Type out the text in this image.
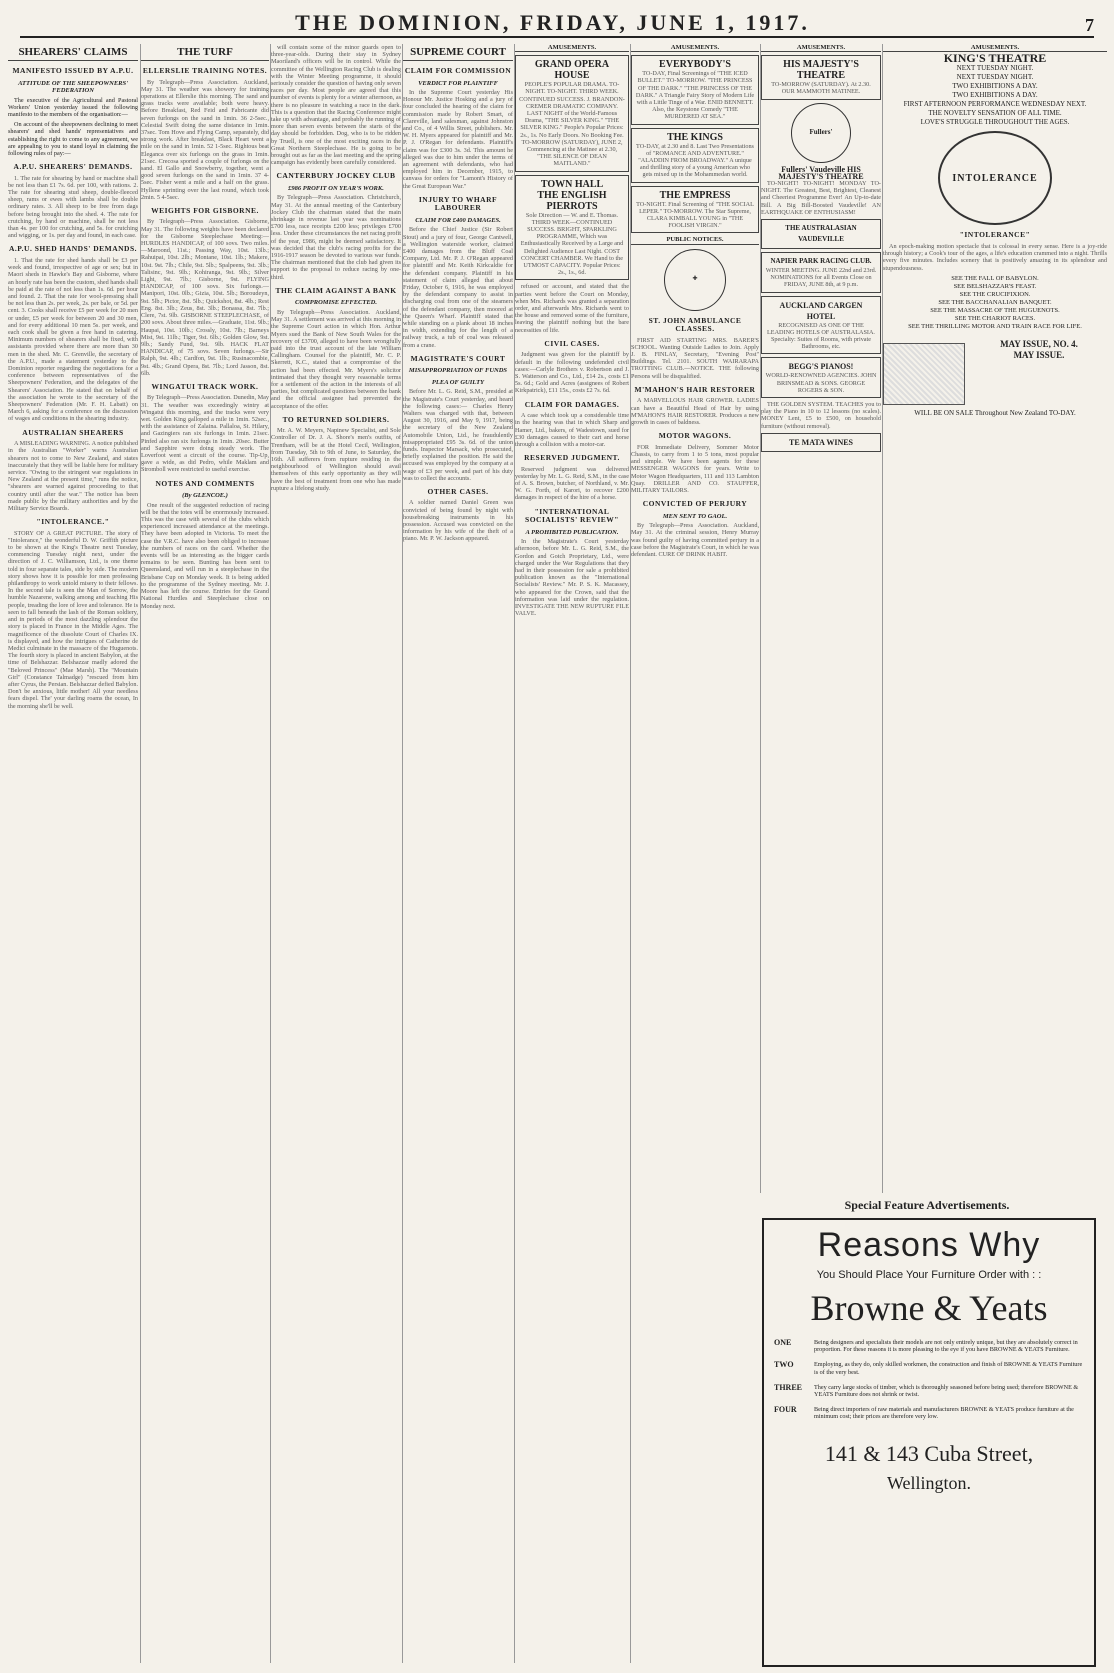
THE DOMINION, FRIDAY, JUNE 1, 1917.	7
SHEARERS' CLAIMS
MANIFESTO ISSUED BY A.P.U.
ATTITUDE OF THE SHEEPOWNERS' FEDERATION

The executive of the Agricultural and Pastoral Workers' Union yesterday issued the following manifesto to the members of the organisation:—

On account of the sheepowners declining to meet shearers' and shed hands' representatives and establishing the right to come to any agreement, we are appealing to you to stand loyal in claiming the following rules of pay:—

A.P.U. SHEARERS' DEMANDS.

1. The rate for shearing by hand or machine shall be not less than £1 7s. 6d. per 100, with rations. 2. The rate for shearing stud sheep, double-fleeced sheep, rams or ewes with lambs shall be double ordinary rates. 3. All sheep to be free from dags before being brought into the shed. 4. The rate for crutching, by hand or machine, shall be not less than 4s. per 100 for crutching, and 5s. for crutching and wigging, or 1s. per day and found, in each case.

A.P.U. SHED HANDS' DEMANDS.

1. That the rate for shed hands shall be £3 per week and found, irrespective of age or sex; but in Maori sheds in Hawke's Bay and Gisborne, where an hourly rate has been the custom, shed hands shall be paid at the rate of not less than 1s. 6d. per hour and found. 2. That the rate for wool-pressing shall be not less than 2s. per week, 2s. per bale, or 5d. per cent. 3. Cooks shall receive £5 per week for 20 men or under, £5 per week for between 20 and 30 men, and for every additional 10 men 5s. per week, and each cook shall be given a free hand in catering. Minimum numbers of shearers shall be fixed, with assistants provided where there are more than 30 men in the shed. Mr. C. Grenville, the secretary of the A.P.U., made a statement yesterday to the Dominion reporter regarding the negotiations for a conference between representatives of the Sheepowners' Federation, and the delegates of the Shearers' Association. He stated that on behalf of the association he wrote to the secretary of the Sheepowners' Federation (Mr. F. H. Labatt) on March 6, asking for a conference on the discussion of wages and conditions in the shearing industry.

AUSTRALIAN SHEARERS

A MISLEADING WARNING. A notice published in the Australian "Worker" warns Australian shearers not to come to New Zealand, and states inaccurately that they will be liable here for military service. "Owing to the stringent war regulations in New Zealand at the present time," runs the notice, "shearers are warned against proceeding to that country until after the war." The notice has been made public by the military authorities and by the Military Service Boards.

"INTOLERANCE."

STORY OF A GREAT PICTURE. The story of "Intolerance," the wonderful D. W. Griffith picture to be shown at the King's Theatre next Tuesday, commencing Tuesday night next, under the direction of J. C. Williamson, Ltd., is one theme told in four separate tales, side by side. The modern story shows how it is possible for men professing philanthropy to work untold misery to their fellows. In the second tale is seen the Man of Sorrow, the humble Nazarene, walking among and teaching His people, treading the lore of love and tolerance. He is seen to fall beneath the lash of the Roman soldiery, and in periods of the most dazzling splendour the story is placed in France in the Middle Ages. The magnificence of the dissolute Court of Charles IX. is displayed, and how the intrigues of Catherine de Medici culminate in the massacre of the Huguenots. The fourth story is placed in ancient Babylon, at the time of Belshazzar. Belshazzar madly adored the "Beloved Princess" (Mae Marsh). The "Mountain Girl" (Constance Talmadge) "rescued from him after Cyrus, the Persian. Belshazzar defied Babylon. Don't be anxious, little mother! All your needless fears dispel. The' your darling roams the ocean, In the morning she'll be well.

THE TURF
ELLERSLIE TRAINING NOTES.

By Telegraph—Press Association. Auckland, May 31. The weather was showery for training operations at Ellerslie this morning. The sand and grass tracks were available; both were heavy. Before Breakfast, Red Feid and Fabricante did seven furlongs on the sand in 1min. 36 2-5sec., Celestial Swift doing the same distance in 1min. 37sec. Tom Hove and Flying Camp, separately, did strong work. After breakfast, Black Heart went a mile on the sand in 1min. 52 1-5sec. Rightous beat Eleganca over six furlongs on the grass in 1min. 21sec. Crecosa sported a couple of furlongs on the sand. El Gallo and Snowberry, together, went a good seven furlongs on the sand in 1min. 37 4-5sec. Fisher went a mile and a half on the grass. Hyllene sprinting over the last round, which took 2min. 5 4-5sec.

WEIGHTS FOR GISBORNE.

By Telegraph—Press Association. Gisborne, May 31. The following weights have been declared for the Gisborne Steeplechase Meeting:— HURDLES HANDICAP, of 100 sovs. Two miles.—Maroond, 11st.; Passing Way, 10st. 13lb.; Rahuipai, 10st. 2lb.; Montane, 10st. 1lb.; Makere, 10st. 9st. 7lb.; Chile, 9st. 5lb.; Spalpeens, 9st. 3lb.; Talisinc, 9st. 9lb.; Kohiranga, 9st. 9lb.; Silver Light, 9st. 7lb.; Gisborne, 9st. FLYING HANDICAP, of 100 sovs. Six furlongs.—Manipori, 10st. 0lb.; Gizia, 10st. 5lb.; Boroudeyn, 9st. 5lb.; Pictor, 8st. 5lb.; Quickshot, 8st. 4lb.; Rest Eng. 8st. 3lb.; Zeus, 8st. 3lb.; Bonassa, 8st. 7lb.; Clere, 7st. 9lb. GISBORNE STEEPLECHASE, of 200 sovs. About three miles.—Graduate, 11st. 9lb.; Haupai, 10st. 10lb.; Crossly, 10st. 7lb.; Barneys Mist, 9st. 11lb.; Tiger, 9st. 6lb.; Golden Glow, 9st. 9lb.; Sandy Fund, 9st. 9lb. HACK FLAT HANDICAP, of 75 sovs. Seven furlongs.—Sir Ralph, 9st. 4lb.; Cardfon, 9st. 1lb.; Rusinacombie, 9st. 4lb.; Grand Opera, 8st. 7lb.; Lord Jasson, 8st. 6lb.

WINGATUI TRACK WORK.

By Telegraph—Press Association. Dunedin, May 31. The weather was exceedingly wintry at Wingatui this morning, and the tracks were very wet. Golden King galloped a mile in 1min. 52sec., with the assistance of Zalaina. Pallaloa, St. Hilary, and Gazingiers ran six furlongs in 1min. 21sec. Pinfed also ran six furlongs in 1min. 20sec. Butter and Sapphire were doing steady work. The Loverfoot went a circuit of the course. Tip-Up, gave a wide, as did Pedro, while Maklam and Stromboll were restricted to useful exercise.

NOTES AND COMMENTS
(By GLENCOE.)

One result of the suggested reduction of racing will be that the totes will be enormously increased. This was the case with several of the clubs which experienced increased attendance at the meetings. They have been adopted in Victoria. To meet the case the V.R.C. have also been obliged to increase the numbers of races on the card. Whether the events will be as interesting as the bigger cards remains to be seen. Bunting has been sent to Queensland, and will run in a steeplechase in the Brisbane Cup on Monday week. It is being added to the programme of the Sydney meeting. Mr. J. Moore has left the course. Entries for the Grand National Hurdles and Steeplechase close on Monday next.

will contain some of the minor guards open to three-year-olds. During their stay in Sydney Maoriland's officers will be in control. While the committee of the Wellington Racing Club is dealing with the Winter Meeting programme, it should seriously consider the question of having only seven races per day. Most people are agreed that this number of events is plenty for a winter afternoon, as there is no pleasure in watching a race in the dark. This is a question that the Racing Conference might take up with advantage, and probably the running of more than seven events between the starts of the day should be forbidden. Dog, who is to be ridden by Truell, is one of the most exciting races in the Great Northern Steeplechase. He is going to be brought out as far as the last meeting and the spring campaign has evidently been carefully considered.

CANTERBURY JOCKEY CLUB
£986 PROFIT ON YEAR'S WORK.

By Telegraph—Press Association. Christchurch, May 31. At the annual meeting of the Canterbury Jockey Club the chairman stated that the main shrinkage in revenue last year was nominations £700 less, race receipts £200 less; privileges £700 less. Under these circumstances the net racing profit of the year, £986, might be deemed satisfactory. It was decided that the club's racing profits for the 1916-1917 season be devoted to various war funds. The chairman mentioned that the club had given its support to the proposal to reduce racing by one-third.

THE CLAIM AGAINST A BANK
COMPROMISE EFFECTED.

By Telegraph—Press Association. Auckland, May 31. A settlement was arrived at this morning in the Supreme Court action in which Hon. Arthur Myers sued the Bank of New South Wales for the recovery of £3700, alleged to have been wrongfully paid into the trust account of the late William Callingham. Counsel for the plaintiff, Mr. C. P. Skerrett, K.C., stated that a compromise of the action had been effected. Mr. Myers's solicitor intimated that they thought very reasonable terms for a settlement of the action in the interests of all parties, but complicated questions between the bank and the official assignee had prevented the acceptance of the offer.

TO RETURNED SOLDIERS.

Mr. A. W. Meyers, Napinew Specialist, and Sole Controller of Dr. J. A. Shore's men's outfits, of Trentham, will be at the Hotel Cecil, Wellington, from Tuesday, 5th to 9th of June, to Saturday, the 16th. All sufferers from rupture residing in the neighbourhood of Wellington should avail themselves of this early opportunity as they will have the best of treatment from one who has made rupture a lifelong study.

SUPREME COURT
CLAIM FOR COMMISSION
VERDICT FOR PLAINTIFF

In the Supreme Court yesterday His Honour Mr. Justice Hosking and a jury of four concluded the hearing of the claim for commission made by Robert Smart, of Clareville, land salesman, against Johnston and Co., of 4 Willis Street, publishers. Mr. W. H. Myers appeared for plaintiff and Mr. P. J. O'Regan for defendants. Plaintiff's claim was for £300 3s. 3d. This amount he alleged was due to him under the terms of an agreement with defendants, who had employed him in December, 1915, to canvass for orders for "Lamont's History of the Great European War."

INJURY TO WHARF LABOURER
CLAIM FOR £400 DAMAGES.

Before the Chief Justice (Sir Robert Stout) and a jury of four, George Cantwell, a Wellington waterside worker, claimed £400 damages from the Bluff Coal Company, Ltd. Mr. P. J. O'Regan appeared for plaintiff and Mr. Keith Kirkcaldie for the defendant company. Plaintiff in his statement of claim alleged that about Friday, October 6, 1916, he was employed by the defendant company to assist in discharging coal from one of the steamers of the defendant company, then moored at the Queen's Wharf. Plaintiff stated that while standing on a plank about 18 inches in width, extending for the length of a railway truck, a tub of coal was released from a crane.

MAGISTRATE'S COURT
MISAPPROPRIATION OF FUNDS
PLEA OF GUILTY

Before Mr. L. G. Reid, S.M., presided at the Magistrate's Court yesterday, and heard the following cases:— Charles Henry Walters was charged with that, between August 30, 1916, and May 9, 1917, being the secretary of the New Zealand Automobile Union, Ltd., he fraudulently misappropriated £95 3s. 6d. of the union funds. Inspector Marsack, who prosecuted, briefly explained the position. He said the accused was employed by the company at a wage of £3 per week, and part of his duty was to collect the accounts.

OTHER CASES.

A soldier named Daniel Green was convicted of being found by night with housebreaking instruments in his possession. Accused was convicted on the information by his wife of the theft of a piano. Mr. P. W. Jackson appeared.

AMUSEMENTS.
GRAND OPERA HOUSE
PEOPLE'S POPULAR DRAMA. TO-NIGHT. TO-NIGHT. THIRD WEEK. CONTINUED SUCCESS. J. BRANDON-CREMER DRAMATIC COMPANY. LAST NIGHT of the World-Famous Drama, "THE SILVER KING." "THE SILVER KING." People's Popular Prices: 2s., 1s. No Early Doors. No Booking Fee. TO-MORROW (SATURDAY), JUNE 2, Commencing at the Matinee at 2.30, "THE SILENCE OF DEAN MAITLAND."
TOWN HALL
THE ENGLISH PIERROTS
Sole Direction — W. and E. Thomas. THIRD WEEK—CONTINUED SUCCESS. BRIGHT, SPARKLING PROGRAMME, Which was Enthusiastically Received by a Large and Delighted Audience Last Night. COST CONCERT CHAMBER. We Hand to the UTMOST CAPACITY. Popular Prices: 2s., 1s., 6d.

refused or account, and stated that the parties went before the Court on Monday, when Mrs. Richards was granted a separation order, and afterwards Mrs. Richards went to the house and removed some of the furniture, leaving the plaintiff nothing but the bare necessities of life.

CIVIL CASES.

Judgment was given for the plaintiff by default in the following undefended civil cases:—Carlyle Brothers v. Robertson and J. S. Watterson and Co., Ltd., £14 2s., costs £1 5s. 6d.; Gold and Acres (assignees of Robert Kirkpatrick), £11 15s., costs £2 7s. 6d.

CLAIM FOR DAMAGES.

A case which took up a considerable time in the hearing was that in which Sharp and Hamer, Ltd., bakers, of Wadestown, sued for £30 damages caused to their cart and horse through a collision with a motor-car.

RESERVED JUDGMENT.

Reserved judgment was delivered yesterday by Mr. L. G. Reid, S.M., in the case of A. S. Brown, butcher, of Northland, v. Mr. W. G. Forth, of Karori, to recover £200 damages in respect of the hire of a horse.

"INTERNATIONAL SOCIALISTS' REVIEW"
A PROHIBITED PUBLICATION.

In the Magistrate's Court yesterday afternoon, before Mr. L. G. Reid, S.M., the Gordon and Gotch Proprietary, Ltd., were charged under the War Regulations that they had in their possession for sale a prohibited publication known as the "International Socialists' Review." Mr. P. S. K. Macassey, who appeared for the Crown, said that the information was laid under the regulation. INVESTIGATE THE NEW RUPTURE FILE VALVE.

AMUSEMENTS.
EVERYBODY'S
TO-DAY, Final Screenings of "THE ICED BULLET." TO-MORROW. "THE PRINCESS OF THE DARK." "THE PRINCESS OF THE DARK." A Triangle Fairy Story of Modern Life with a Little Tinge of a War. ENID BENNETT. Also, the Keystone Comedy "THE MURDERED AT SEA."
THE KINGS
TO-DAY, at 2.30 and 8. Last Two Presentations of "ROMANCE AND ADVENTURE." "ALADDIN FROM BROADWAY." A unique and thrilling story of a young American who gets mixed up in the Mohammedan world.
THE EMPRESS
TO-NIGHT. Final Screening of "THE SOCIAL LEPER." TO-MORROW. The Star Supreme, CLARA KIMBALL YOUNG in "THE FOOLISH VIRGIN."
PUBLIC NOTICES.
✚
ST. JOHN AMBULANCE CLASSES.

FIRST AID STARTING MRS. BARER'S SCHOOL. Wanting Outside Ladies to Join. Apply J. B. FINLAY, Secretary, "Evening Post" Buildings. Tel. 2101. SOUTH WAIRARAPA TROTTING CLUB.—NOTICE. THE following Persons will be disqualified.

M'MAHON'S HAIR RESTORER

A MARVELLOUS HAIR GROWER. LADIES can have a Beautiful Head of Hair by using M'MAHON'S HAIR RESTORER. Produces a new growth in cases of baldness.

MOTOR WAGONS.

FOR Immediate Delivery, Sommer Motor Chassis, to carry from 1 to 5 tons, most popular and simple. We have been agents for these MESSENGER WAGONS for years. Write to Motor Wagon Headquarters, 111 and 113 Lambton Quay. DRILLER AND CO. STAUFFER, MILITARY TAILORS.

CONVICTED OF PERJURY
MEN SENT TO GAOL.

By Telegraph—Press Association. Auckland, May 31. At the criminal session, Henry Murray was found guilty of having committed perjury in a case before the Magistrate's Court, in which he was defendant. CURE OF DRINK HABIT.

AMUSEMENTS.
HIS MAJESTY'S THEATRE
TO-MORROW (SATURDAY). At 2.30. OUR MAMMOTH MATINEE.
Fullers'
Fullers' Vaudeville HIS MAJESTY'S THEATRE

TO-NIGHT! TO-NIGHT! MONDAY TO-NIGHT. The Greatest, Best, Brightest, Cleanest and Cheeriest Programme Ever! An Up-to-date Bill. A Big Bill-Boosted Vaudeville! AN EARTHQUAKE OF ENTHUSIASM!

THE AUSTRALASIAN VAUDEVILLE
NAPIER PARK RACING CLUB.
WINTER MEETING. JUNE 22nd and 23rd. NOMINATIONS for all Events Close on FRIDAY, JUNE 8th, at 9 p.m.
AUCKLAND CARGEN HOTEL
RECOGNISED AS ONE OF THE LEADING HOTELS OF AUSTRALASIA. Specialty: Suites of Rooms, with private Bathrooms, etc.
BEGG'S PIANOS!
WORLD-RENOWNED AGENCIES. JOHN BRINSMEAD & SONS. GEORGE ROGERS & SON.

THE GOLDEN SYSTEM. TEACHES you to play the Piano in 10 to 12 lessons (no scales). MONEY Lent, £5 to £500, on household furniture (without removal).

TE MATA WINES
AMUSEMENTS.
KING'S THEATRE
NEXT TUESDAY NIGHT.
NEXT TUESDAY NIGHT.
TWO EXHIBITIONS A DAY.
TWO EXHIBITIONS A DAY.
FIRST AFTERNOON PERFORMANCE WEDNESDAY NEXT.
THE NOVELTY SENSATION OF ALL TIME.
LOVE'S STRUGGLE THROUGHOUT THE AGES.
INTOLERANCE
"INTOLERANCE"

An epoch-making motion spectacle that is colossal in every sense. Here is a joy-ride through history; a Cook's tour of the ages, a life's education crammed into a night. Thrills every five minutes. Includes scenery that is positively amazing in its splendour and stupendousness.

SEE THE FALL OF BABYLON.
SEE BELSHAZZAR'S FEAST.
SEE THE CRUCIFIXION.
SEE THE BACCHANALIAN BANQUET.
SEE THE MASSACRE OF THE HUGUENOTS.
SEE THE CHARIOT RACES.
SEE THE THRILLING MOTOR AND TRAIN RACE FOR LIFE.
MAY ISSUE, NO. 4.
MAY ISSUE.
WILL BE ON SALE Throughout New Zealand TO-DAY.
Special Feature Advertisements.
Reasons Why
You Should Place Your Furniture Order with : :
Browne & Yeats
ONE	Being designers and specialists their models are not only entirely unique, but they are absolutely correct in proportion. For these reasons it is more pleasing to the eye if you have BROWNE & YEATS Furniture.
TWO	Employing, as they do, only skilled workmen, the construction and finish of BROWNE & YEATS Furniture is of the very best.
THREE	They carry large stocks of timber, which is thoroughly seasoned before being used; therefore BROWNE & YEATS Furniture does not shrink or twist.
FOUR	Being direct importers of raw materials and manufacturers BROWNE & YEATS produce furniture at the minimum cost; their prices are therefore very low.
141 & 143 Cuba Street,
Wellington.
